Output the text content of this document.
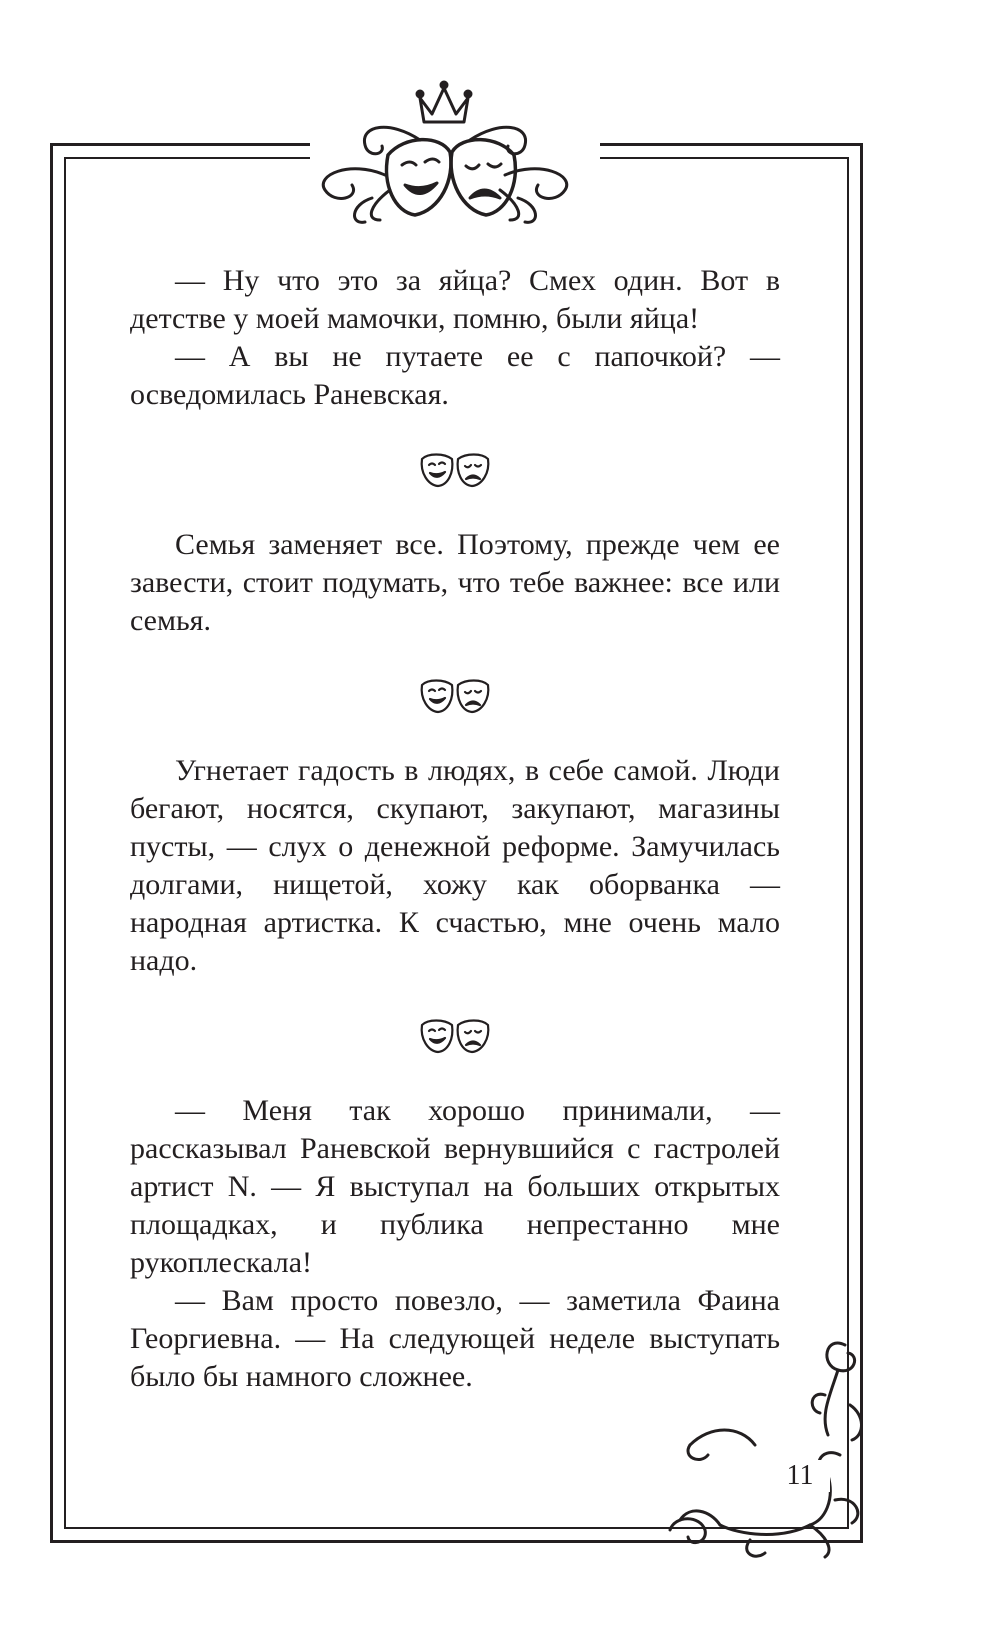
11

— Ну что это за яйца? Смех один. Вот в детстве у моей мамочки, помню, были яйца!

— А вы не путаете ее с папочкой? — осведомилась Раневская.

Семья заменяет все. Поэтому, прежде чем ее завести, стоит подумать, что тебе важнее: все или семья.

Угнетает гадость в людях, в себе самой. Люди бегают, носятся, скупают, закупают, магазины пусты, — слух о денежной реформе. Замучилась долгами, нищетой, хожу как оборванка — народная артистка. К счастью, мне очень мало надо.

— Меня так хорошо принимали, — рассказывал Раневской вернувшийся с гастролей артист N. — Я выступал на больших открытых площадках, и публика непрестанно мне рукоплескала!

— Вам просто повезло, — заметила Фаина Георгиевна. — На следующей неделе выступать было бы намного сложнее.
